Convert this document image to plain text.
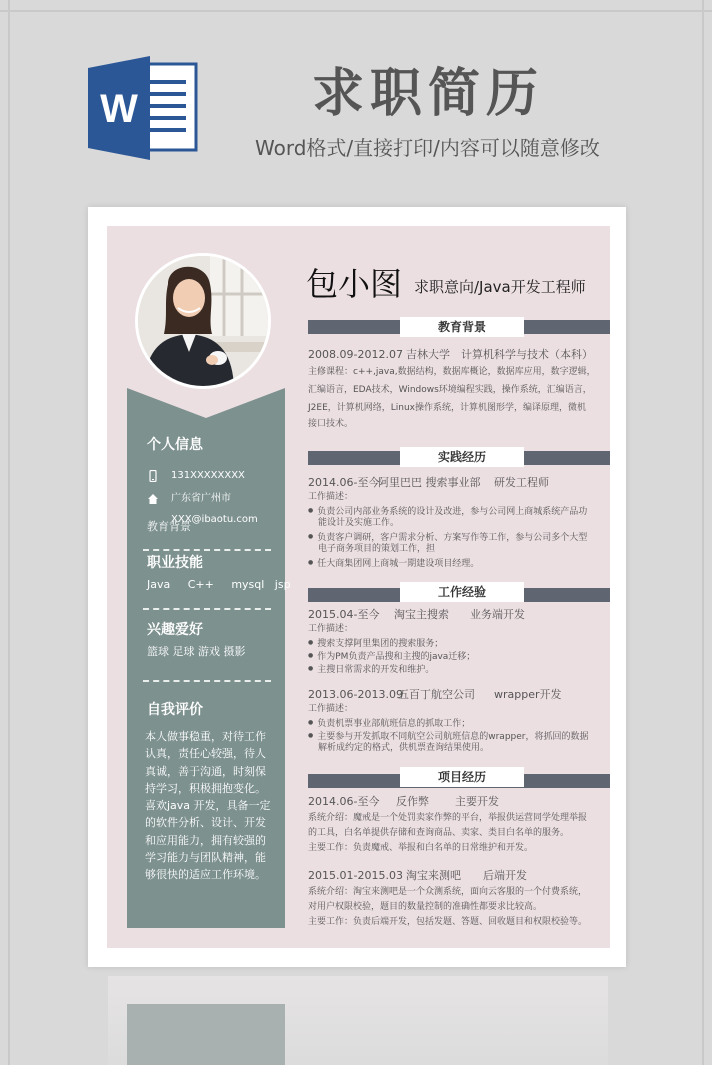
W	求职简历
Word格式/直接打印/内容可以随意修改
个人信息
131XXXXXXXX
广东省广州市
XXX@ibaotu.com
教育背景
职业技能
Java     C++     mysql   jsp
兴趣爱好
篮球 足球 游戏 摄影
自我评价
本人做事稳重，对待工作
认真，责任心较强，待人
真诚，善于沟通，时刻保
持学习，积极拥抱变化。
喜欢java 开发，具备一定
的软件分析、设计、开发
和应用能力，拥有较强的
学习能力与团队精神，能
够很快的适应工作环境。
包小图 求职意向/Java开发工程师
教育背景
2008.09-2012.07 吉林大学 计算机科学与技术（本科）
主修课程：c++,java,数据结构，数据库概论，数据库应用，数字逻辑，
汇编语言，EDA技术，Windows环境编程实践，操作系统，汇编语言，
J2EE，计算机网络，Linux操作系统，计算机图形学，编译原理，微机
接口技术。
实践经历
2014.06-至今
阿里巴巴 搜索事业部 研发工程师
工作描述：
● 负责公司内部业务系统的设计及改进，参与公司网上商城系统产品功
能设计及实施工作。
● 负责客户调研，客户需求分析、方案写作等工作，参与公司多个大型
电子商务项目的策划工作，担
● 任大商集团网上商城一期建设项目经理。
工作经验
2015.04-至今 淘宝主搜索 业务端开发
工作描述：
● 搜索支撑阿里集团的搜索服务；
● 作为PM负责产品搜和主搜的java迁移；
● 主搜日常需求的开发和维护。
2013.06-2013.09
五百丁航空公司 wrapper开发
工作描述：
● 负责机票事业部航班信息的抓取工作；
● 主要参与开发抓取不同航空公司航班信息的wrapper，将抓回的数据
解析成约定的格式，供机票查询结果使用。
项目经历
2014.06-至今 反作弊 主要开发
系统介绍：魔戒是一个处罚卖家作弊的平台，举报供运营同学处理举报
的工具，白名单提供存储和查询商品、卖家、类目白名单的服务。
主要工作：负责魔戒、举报和白名单的日常维护和开发。
2015.01-2015.03 淘宝来测吧 后端开发
系统介绍：淘宝来测吧是一个众测系统，面向云客服的一个付费系统，
对用户权限校验，题目的数量控制的准确性都要求比较高。
主要工作：负责后端开发，包括发题、答题、回收题目和权限校验等。
